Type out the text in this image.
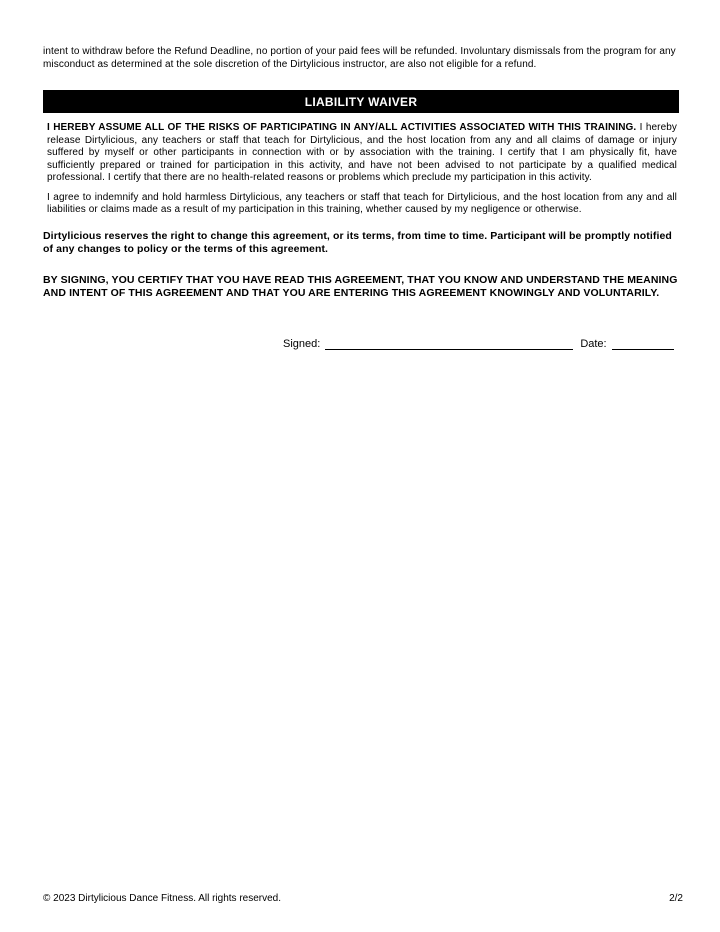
intent to withdraw before the Refund Deadline, no portion of your paid fees will be refunded. Involuntary dismissals from the program for any misconduct as determined at the sole discretion of the Dirtylicious instructor, are also not eligible for a refund.

LIABILITY WAIVER

I HEREBY ASSUME ALL OF THE RISKS OF PARTICIPATING IN ANY/ALL ACTIVITIES ASSOCIATED WITH THIS TRAINING. I hereby release Dirtylicious, any teachers or staff that teach for Dirtylicious, and the host location from any and all claims of damage or injury suffered by myself or other participants in connection with or by association with the training. I certify that I am physically fit, have sufficiently prepared or trained for participation in this activity, and have not been advised to not participate by a qualified medical professional. I certify that there are no health-related reasons or problems which preclude my participation in this activity.

I agree to indemnify and hold harmless Dirtylicious, any teachers or staff that teach for Dirtylicious, and the host location from any and all liabilities or claims made as a result of my participation in this training, whether caused by my negligence or otherwise.

Dirtylicious reserves the right to change this agreement, or its terms, from time to time. Participant will be promptly notified of any changes to policy or the terms of this agreement.

BY SIGNING, YOU CERTIFY THAT YOU HAVE READ THIS AGREEMENT, THAT YOU KNOW AND UNDERSTAND THE MEANING AND INTENT OF THIS AGREEMENT AND THAT YOU ARE ENTERING THIS AGREEMENT KNOWINGLY AND VOLUNTARILY.

Signed:	Date:
© 2023 Dirtylicious Dance Fitness. All rights reserved.	2/2
